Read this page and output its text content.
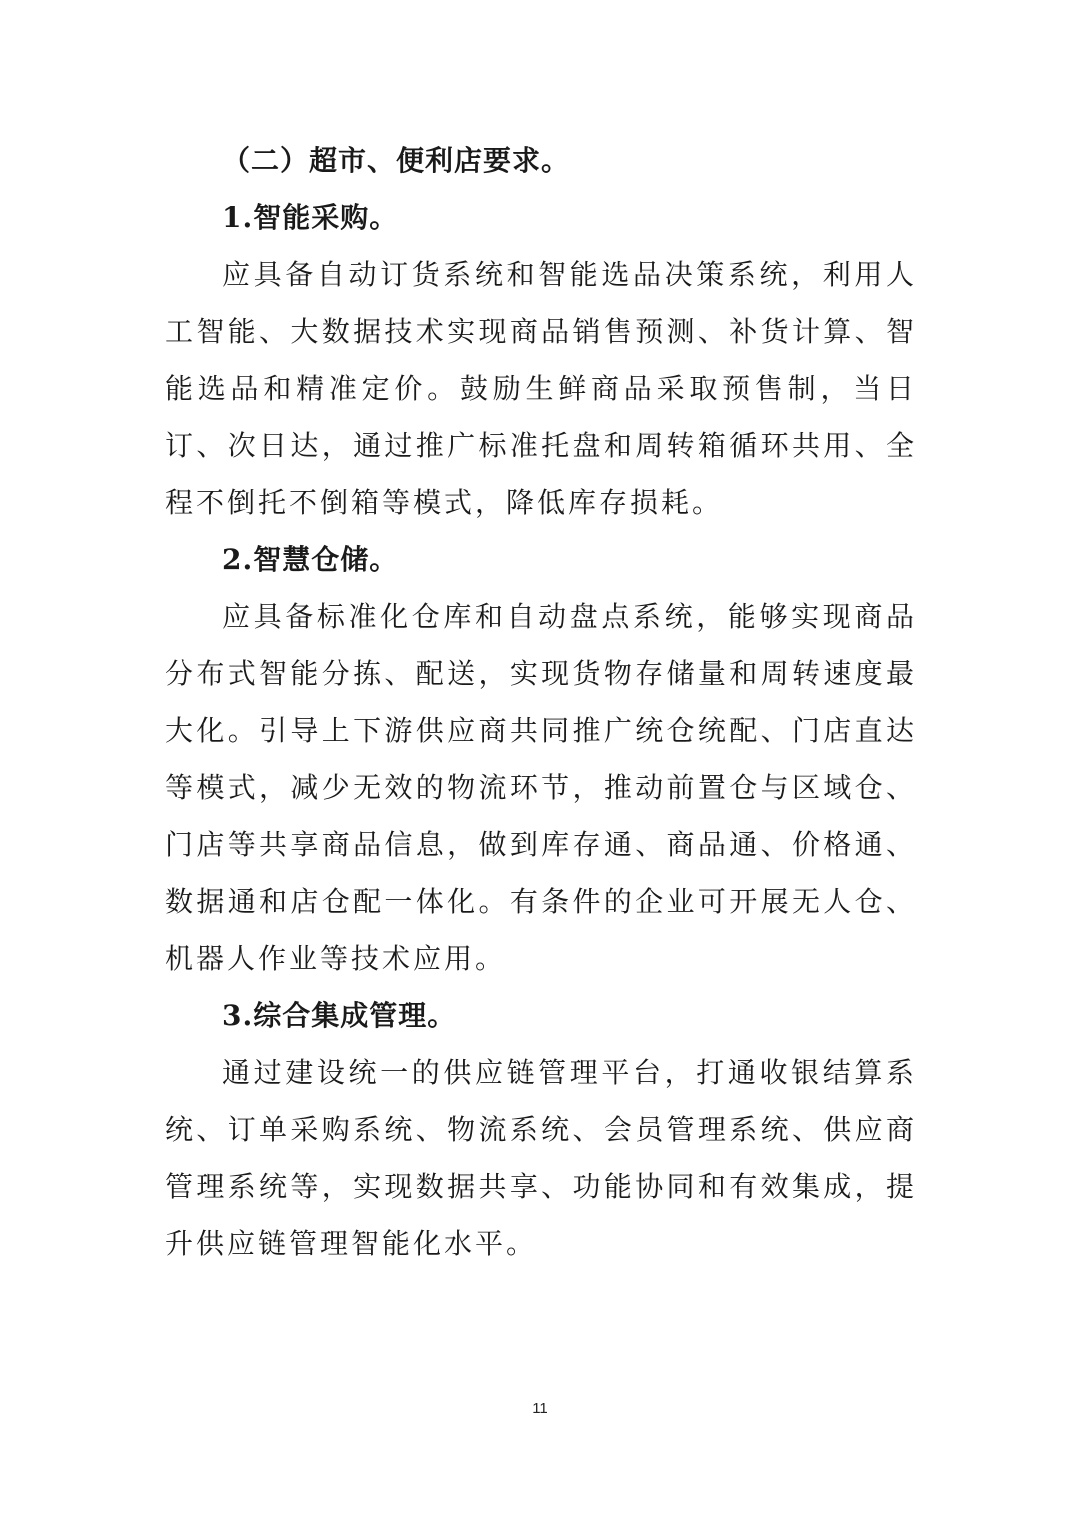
（二）超市、便利店要求。
1.智能采购。

应具备自动订货系统和智能选品决策系统，利用人工智能、大数据技术实现商品销售预测、补货计算、智能选品和精准定价。鼓励生鲜商品采取预售制，当日订、次日达，通过推广标准托盘和周转箱循环共用、全程不倒托不倒箱等模式，降低库存损耗。

2.智慧仓储。

应具备标准化仓库和自动盘点系统，能够实现商品分布式智能分拣、配送，实现货物存储量和周转速度最大化。引导上下游供应商共同推广统仓统配、门店直达等模式，减少无效的物流环节，推动前置仓与区域仓、门店等共享商品信息，做到库存通、商品通、价格通、数据通和店仓配一体化。有条件的企业可开展无人仓、机器人作业等技术应用。

3.综合集成管理。

通过建设统一的供应链管理平台，打通收银结算系统、订单采购系统、物流系统、会员管理系统、供应商管理系统等，实现数据共享、功能协同和有效集成，提升供应链管理智能化水平。

11
